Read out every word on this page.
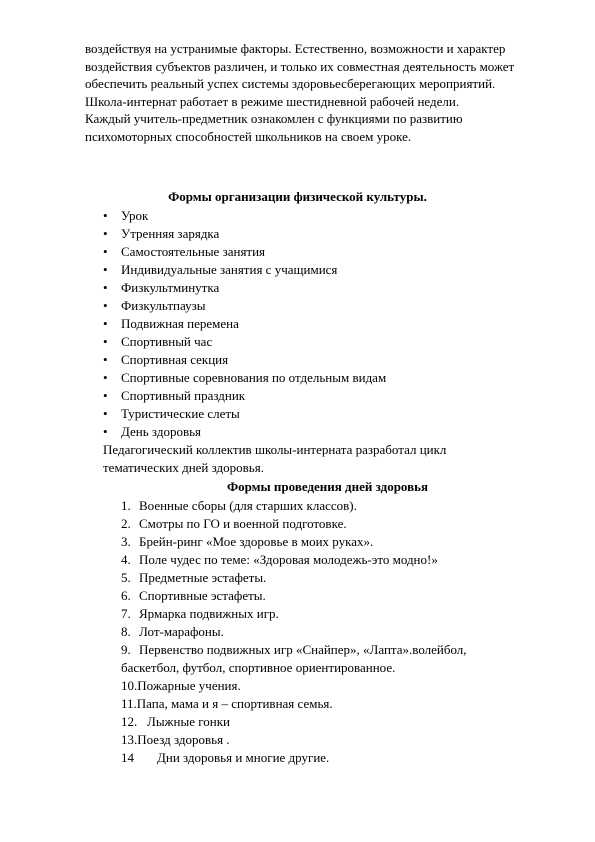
воздействуя на устранимые факторы. Естественно, возможности и характер

воздействия субъектов различен, и только их совместная деятельность может

обеспечить реальный успех системы здоровьесберегающих мероприятий.

Школа-интернат работает в режиме шестидневной рабочей недели.

Каждый учитель-предметник ознакомлен с функциями по развитию

психомоторных способностей школьников на своем уроке.

Формы организации физической культуры.
• Урок
• Утренняя зарядка
• Самостоятельные занятия
• Индивидуальные занятия с учащимися
• Физкультминутка
• Физкультпаузы
• Подвижная перемена
• Спортивный час
• Спортивная секция
• Спортивные соревнования по отдельным видам
• Спортивный праздник
• Туристические слеты
• День здоровья

Педагогический коллектив школы-интерната разработал цикл

тематических дней здоровья.

Формы проведения дней здоровья
1. Военные сборы (для старших классов).
2. Смотры по ГО и военной подготовке.
3. Брейн-ринг «Мое здоровье в моих руках».
4. Поле чудес по теме: «Здоровая молодежь-это модно!»
5. Предметные эстафеты.
6. Спортивные эстафеты.
7. Ярмарка подвижных игр.
8. Лот-марафоны.
9. Первенство подвижных игр «Снайпер», «Лапта».волейбол,
баскетбол, футбол, спортивное ориентированное.
10.Пожарные учения.
11.Папа, мама и я – спортивная семья.
12. Лыжные гонки
13.Поезд здоровья .
14 Дни здоровья и многие другие.
